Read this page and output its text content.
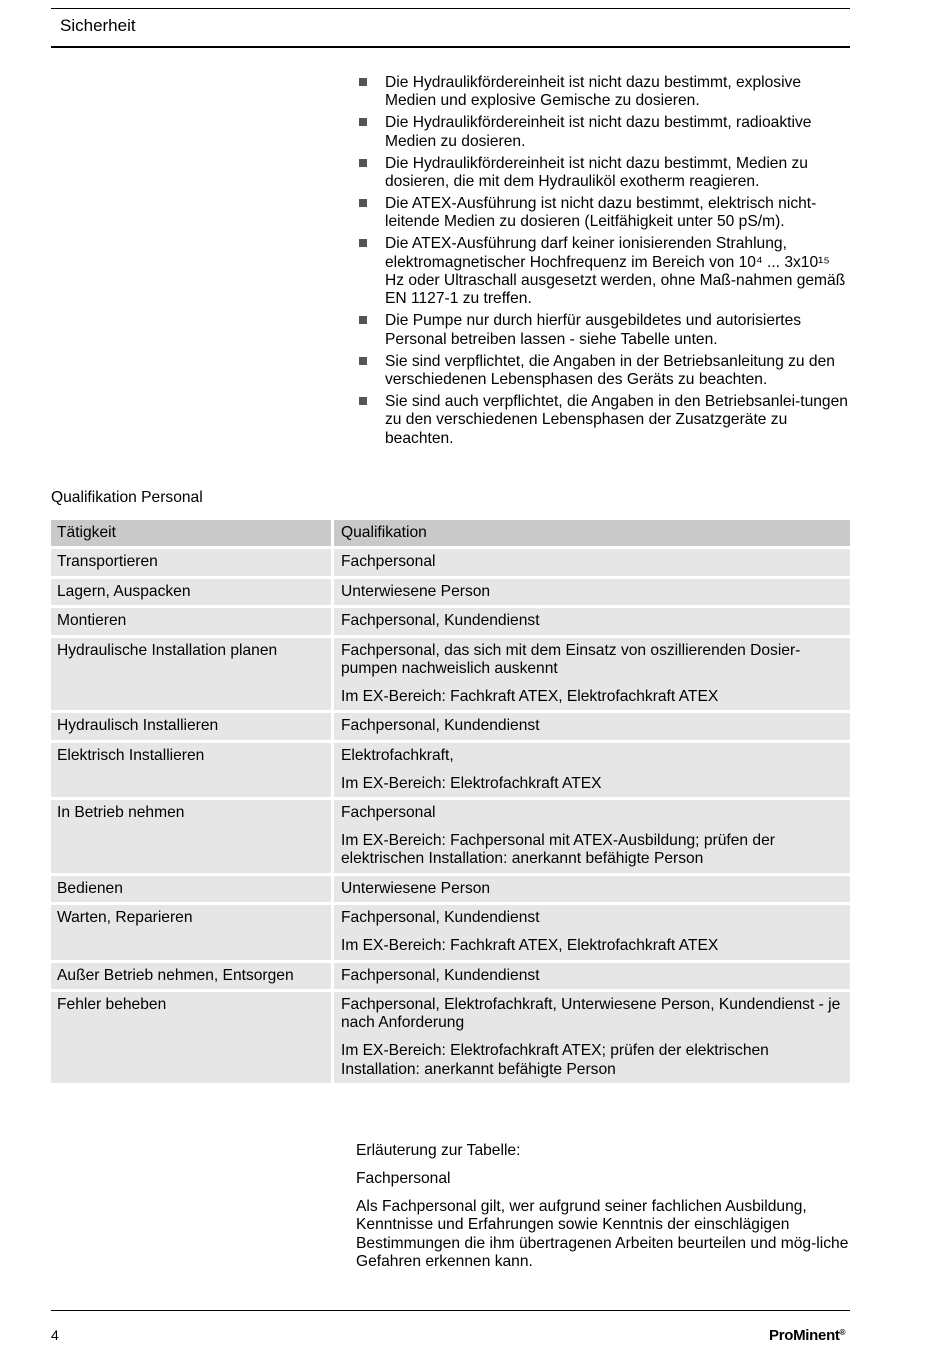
Sicherheit
Die Hydraulikfördereinheit ist nicht dazu bestimmt, explosive Medien und explosive Gemische zu dosieren.
Die Hydraulikfördereinheit ist nicht dazu bestimmt, radioaktive Medien zu dosieren.
Die Hydraulikfördereinheit ist nicht dazu bestimmt, Medien zu dosieren, die mit dem Hydrauliköl exotherm reagieren.
Die ATEX-Ausführung ist nicht dazu bestimmt, elektrisch nicht-leitende Medien zu dosieren (Leitfähigkeit unter 50 pS/m).
Die ATEX-Ausführung darf keiner ionisierenden Strahlung, elektromagnetischer Hochfrequenz im Bereich von 10⁴ ... 3x10¹⁵ Hz oder Ultraschall ausgesetzt werden, ohne Maß-nahmen gemäß EN 1127-1 zu treffen.
Die Pumpe nur durch hierfür ausgebildetes und autorisiertes Personal betreiben lassen - siehe Tabelle unten.
Sie sind verpflichtet, die Angaben in der Betriebsanleitung zu den verschiedenen Lebensphasen des Geräts zu beachten.
Sie sind auch verpflichtet, die Angaben in den Betriebsanlei-tungen zu den verschiedenen Lebensphasen der Zusatzgeräte zu beachten.
Qualifikation Personal
Tätigkeit	Qualifikation
Transportieren	Fachpersonal

Lagern, Auspacken	Unterwiesene Person

Montieren	Fachpersonal, Kundendienst

Hydraulische Installation planen	Fachpersonal, das sich mit dem Einsatz von oszillierenden Dosier-pumpen nachweislich auskennt

Im EX-Bereich: Fachkraft ATEX, Elektrofachkraft ATEX

Hydraulisch Installieren	Fachpersonal, Kundendienst

Elektrisch Installieren	Elektrofachkraft,

Im EX-Bereich: Elektrofachkraft ATEX

In Betrieb nehmen	Fachpersonal

Im EX-Bereich: Fachpersonal mit ATEX-Ausbildung; prüfen der elektrischen Installation: anerkannt befähigte Person

Bedienen	Unterwiesene Person

Warten, Reparieren	Fachpersonal, Kundendienst

Im EX-Bereich: Fachkraft ATEX, Elektrofachkraft ATEX

Außer Betrieb nehmen, Entsorgen	Fachpersonal, Kundendienst

Fehler beheben	Fachpersonal, Elektrofachkraft, Unterwiesene Person, Kundendienst - je nach Anforderung

Im EX-Bereich: Elektrofachkraft ATEX; prüfen der elektrischen Installation: anerkannt befähigte Person

Erläuterung zur Tabelle:
Fachpersonal
Als Fachpersonal gilt, wer aufgrund seiner fachlichen Ausbildung, Kenntnisse und Erfahrungen sowie Kenntnis der einschlägigen Bestimmungen die ihm übertragenen Arbeiten beurteilen und mög-liche Gefahren erkennen kann.
4	ProMinent®
